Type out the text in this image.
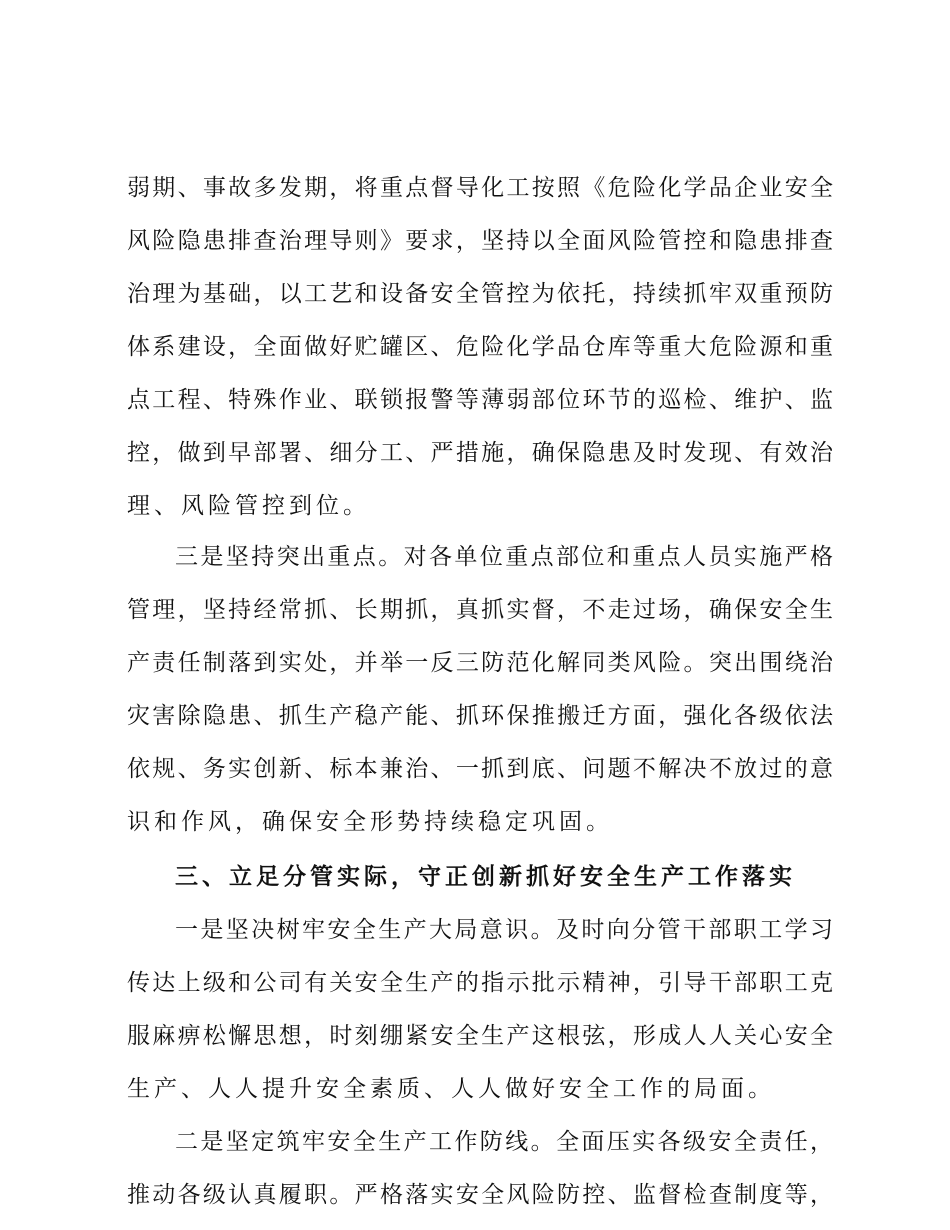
弱期、事故多发期，将重点督导化工按照《危险化学品企业安全
风险隐患排查治理导则》要求，坚持以全面风险管控和隐患排查
治理为基础，以工艺和设备安全管控为依托，持续抓牢双重预防
体系建设，全面做好贮罐区、危险化学品仓库等重大危险源和重
点工程、特殊作业、联锁报警等薄弱部位环节的巡检、维护、监
控，做到早部署、细分工、严措施，确保隐患及时发现、有效治
理、风险管控到位。
三是坚持突出重点。对各单位重点部位和重点人员实施严格
管理，坚持经常抓、长期抓，真抓实督，不走过场，确保安全生
产责任制落到实处，并举一反三防范化解同类风险。突出围绕治
灾害除隐患、抓生产稳产能、抓环保推搬迁方面，强化各级依法
依规、务实创新、标本兼治、一抓到底、问题不解决不放过的意
识和作风，确保安全形势持续稳定巩固。
三、立足分管实际，守正创新抓好安全生产工作落实
一是坚决树牢安全生产大局意识。及时向分管干部职工学习
传达上级和公司有关安全生产的指示批示精神，引导干部职工克
服麻痹松懈思想，时刻绷紧安全生产这根弦，形成人人关心安全
生产、人人提升安全素质、人人做好安全工作的局面。
二是坚定筑牢安全生产工作防线。全面压实各级安全责任，
推动各级认真履职。严格落实安全风险防控、监督检查制度等，
